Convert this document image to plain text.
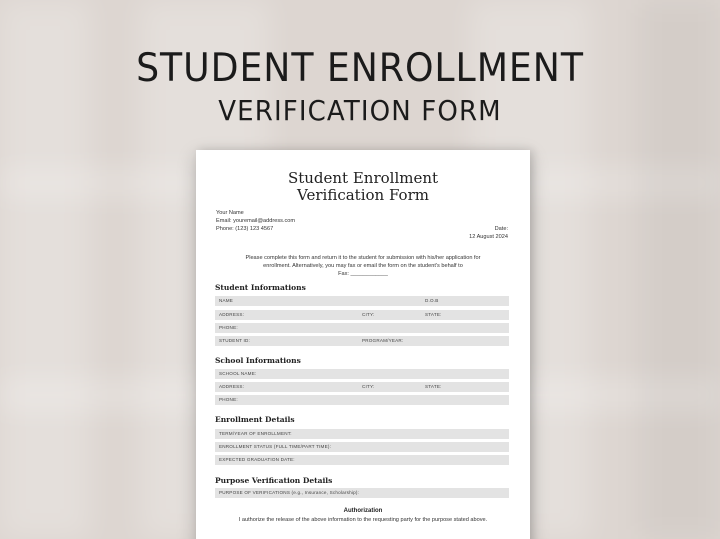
STUDENT ENROLLMENT
VERIFICATION FORM
Student Enrollment
Verification Form
Your Name
Email: youremail@address.com
Phone: (123) 123 4567	Date:
12 August 2024
Please complete this form and return it to the student for submission with his/her application for
enrollment. Alternatively, you may fax or email the form on the student's behalf to
Fax: ____________
Student Informations
NAME	D.O.B
ADDRESS:	CITY:	STATE:
PHONE:
STUDENT ID:	PROGRAM/YEAR:
School Informations
SCHOOL NAME:
ADDRESS:	CITY:	STATE:
PHONE:
Enrollment Details
TERM/YEAR OF ENROLLMENT:
ENROLLMENT STATUS (FULL TIME/PART TIME):
EXPECTED GRADUATION DATE:
Purpose Verification Details
PURPOSE OF VERIFICATIONS (e.g., Insurance, Scholarship):
Authorization
I authorize the release of the above information to the requesting party for the purpose stated above.
